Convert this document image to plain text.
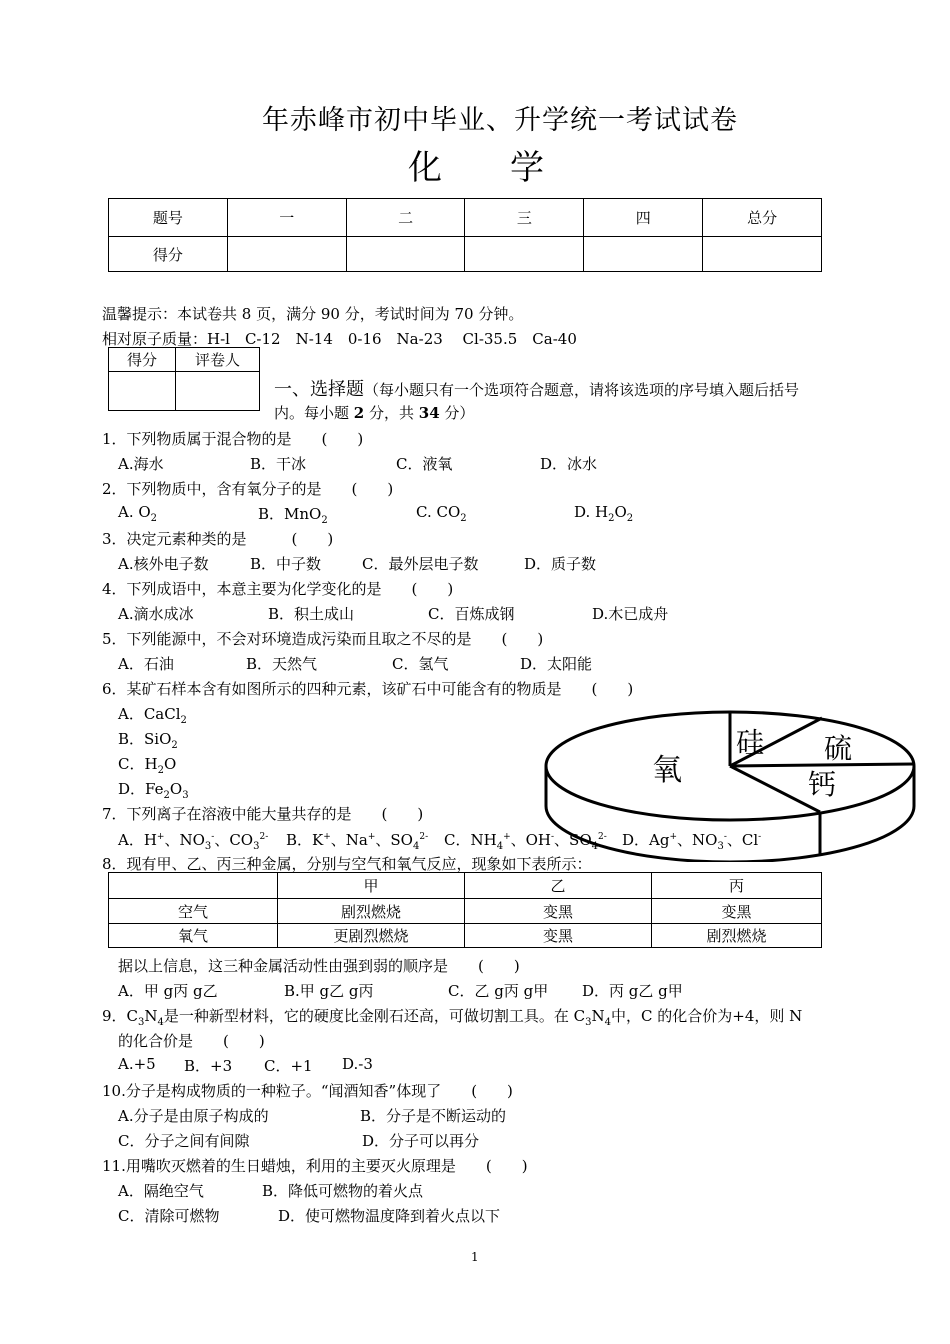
年赤峰市初中毕业、升学统一考试试卷
化　　学
题号	一	二	三	四	总分
得分					
温馨提示：本试卷共 8 页，满分 90 分，考试时间为 70 分钟。
相对原子质量：H-l　C-12　N-14　0-16　Na-23　 Cl-35.5　Ca-40
得分	评卷人

一、选择题（每小题只有一个选项符合题意，请将该选项的序号填入题后括号
内。每小题 2 分，共 34 分）
1．下列物质属于混合物的是　　(　　)
A.海水	B．干冰	C．液氧	D．冰水
2．下列物质中，含有氧分子的是　　(　　)
A. $O_2$	B．MnO$_2$	C. $CO_2$	D. $H_2O_2$
3．决定元素种类的是　　　(　　)
A.核外电子数	B．中子数	C．最外层电子数	D．质子数
4．下列成语中，本意主要为化学变化的是　　(　　)
A.滴水成冰	B．积土成山	C．百炼成钢	D.木已成舟
5．下列能源中，不会对环境造成污染而且取之不尽的是　　(　　)
A．石油	B．天然气	C．氢气	D．太阳能
6．某矿石样本含有如图所示的四种元素，该矿石中可能含有的物质是　　(　　)
A．CaCl$_2$
B．SiO$_2$
C．$H_2O$
D．$Fe_2O_3$
氧
硅 硫
钙
7．下列离子在溶液中能大量共存的是　　(　　)
A．H+、$NO_3^-$、$CO_3^{2-}$ B．K+、Na+、$SO_4^{2-}$ C．$NH_4^+$、OH-、$SO_4^{2-}$ D．Ag+、$NO_3^-$、Cl-
8．现有甲、乙、丙三种金属，分别与空气和氧气反应，现象如下表所示：
	甲	乙	丙
空气	剧烈燃烧	变黑	变黑
氧气	更剧烈燃烧	变黑	剧烈燃烧
据以上信息，这三种金属活动性由强到弱的顺序是　　(　　)
A．甲 g丙 g乙	B.甲 g乙 g丙	C．乙 g丙 g甲 D．丙 g乙 g甲
9．$C_3N_4$是一种新型材料，它的硬度比金刚石还高，可做切割工具。在 $C_3N_4$中，C 的化合价为+4，则 N
的化合价是　　(　　)
A.+5 B．+3 C．+1 D.-3
10.分子是构成物质的一种粒子。“闻酒知香”体现了　　(　　)
A.分子是由原子构成的	B．分子是不断运动的
C．分子之间有间隙	D．分子可以再分
11.用嘴吹灭燃着的生日蜡烛，利用的主要灭火原理是　　(　　)
A．隔绝空气	B．降低可燃物的着火点
C．清除可燃物	D．使可燃物温度降到着火点以下
1
